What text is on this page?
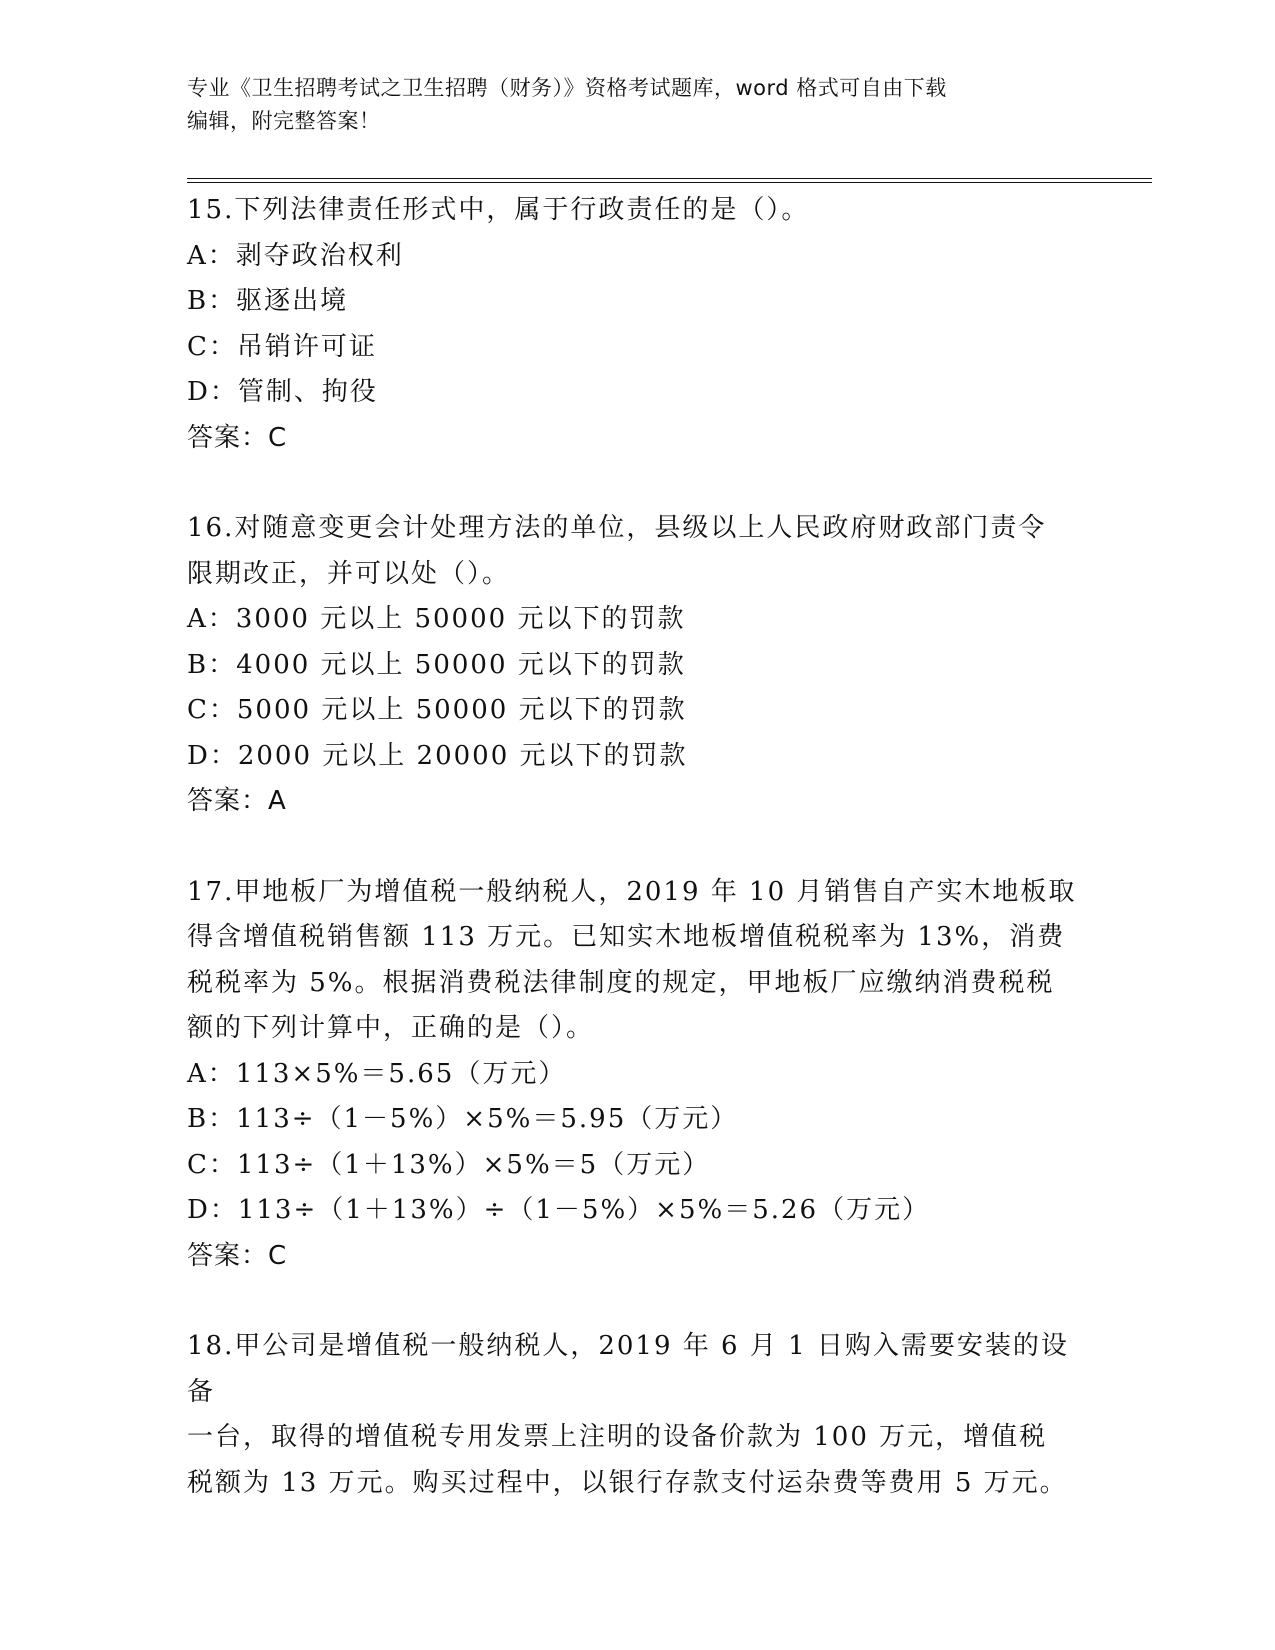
专业《卫生招聘考试之卫生招聘（财务）》资格考试题库，word 格式可自由下载
编辑，附完整答案！
15.下列法律责任形式中，属于行政责任的是（）。
A：剥夺政治权利
B：驱逐出境
C：吊销许可证
D：管制、拘役
答案：C
16.对随意变更会计处理方法的单位，县级以上人民政府财政部门责令
限期改正，并可以处（）。
A：3000 元以上 50000 元以下的罚款
B：4000 元以上 50000 元以下的罚款
C：5000 元以上 50000 元以下的罚款
D：2000 元以上 20000 元以下的罚款
答案：A
17.甲地板厂为增值税一般纳税人，2019 年 10 月销售自产实木地板取
得含增值税销售额 113 万元。已知实木地板增值税税率为 13%，消费
税税率为 5%。根据消费税法律制度的规定，甲地板厂应缴纳消费税税
额的下列计算中，正确的是（）。
A：113×5%＝5.65（万元）
B：113÷（1－5%）×5%＝5.95（万元）
C：113÷（1＋13%）×5%＝5（万元）
D：113÷（1＋13%）÷（1－5%）×5%＝5.26（万元）
答案：C
18.甲公司是增值税一般纳税人，2019 年 6 月 1 日购入需要安装的设备
一台，取得的增值税专用发票上注明的设备价款为 100 万元，增值税
税额为 13 万元。购买过程中，以银行存款支付运杂费等费用 5 万元。
